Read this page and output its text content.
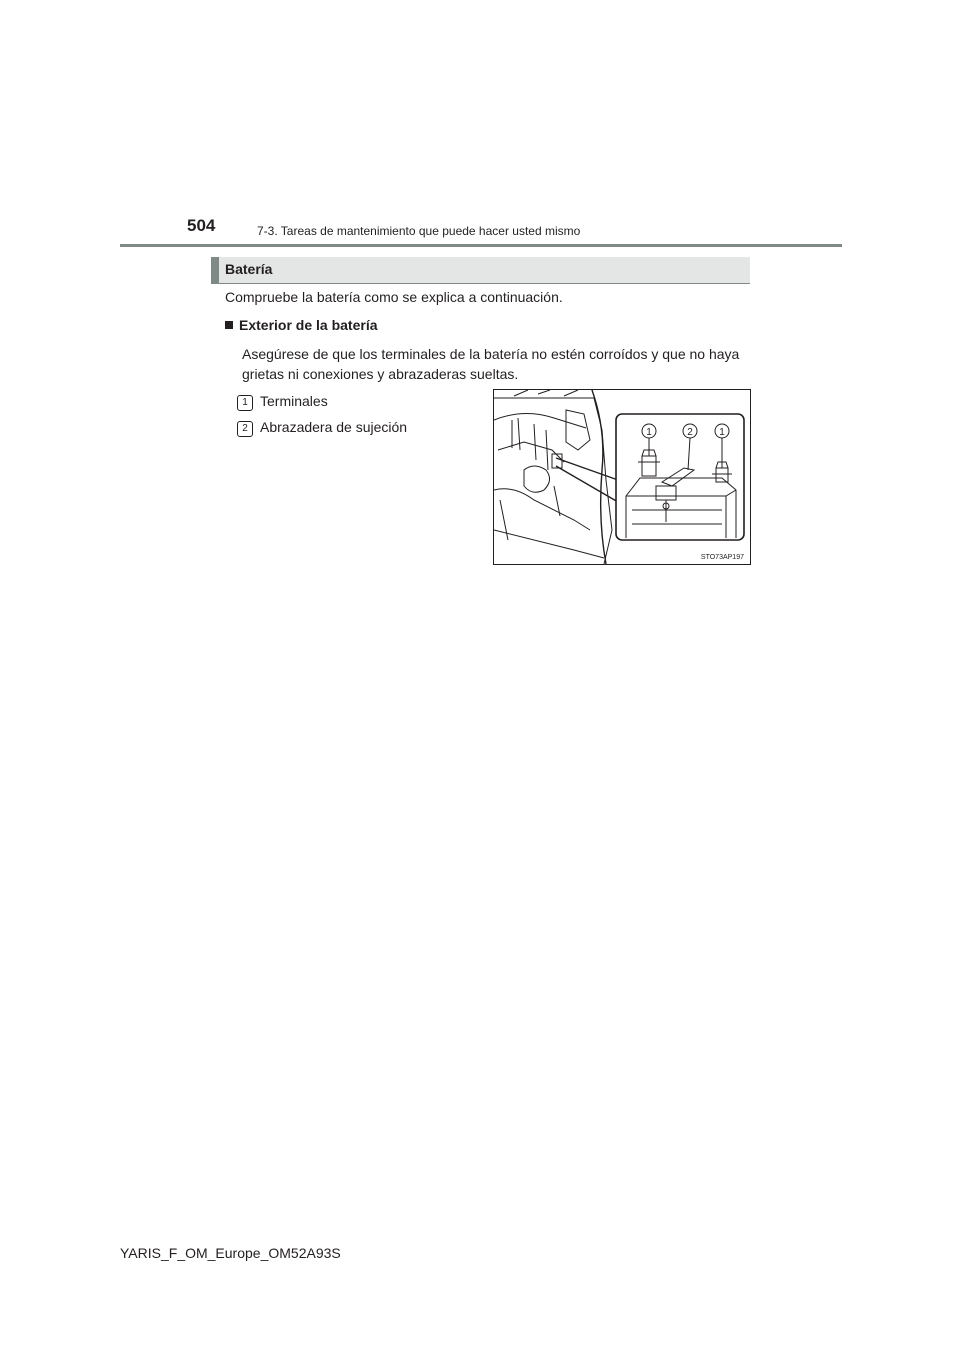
504	7-3. Tareas de mantenimiento que puede hacer usted mismo
Batería
Compruebe la batería como se explica a continuación.
Exterior de la batería
Asegúrese de que los terminales de la batería no estén corroídos y que no haya grietas ni conexiones y abrazaderas sueltas.
1 Terminales
2 Abrazadera de sujeción	1	2	1
STO73AP197
YARIS_F_OM_Europe_OM52A93S
